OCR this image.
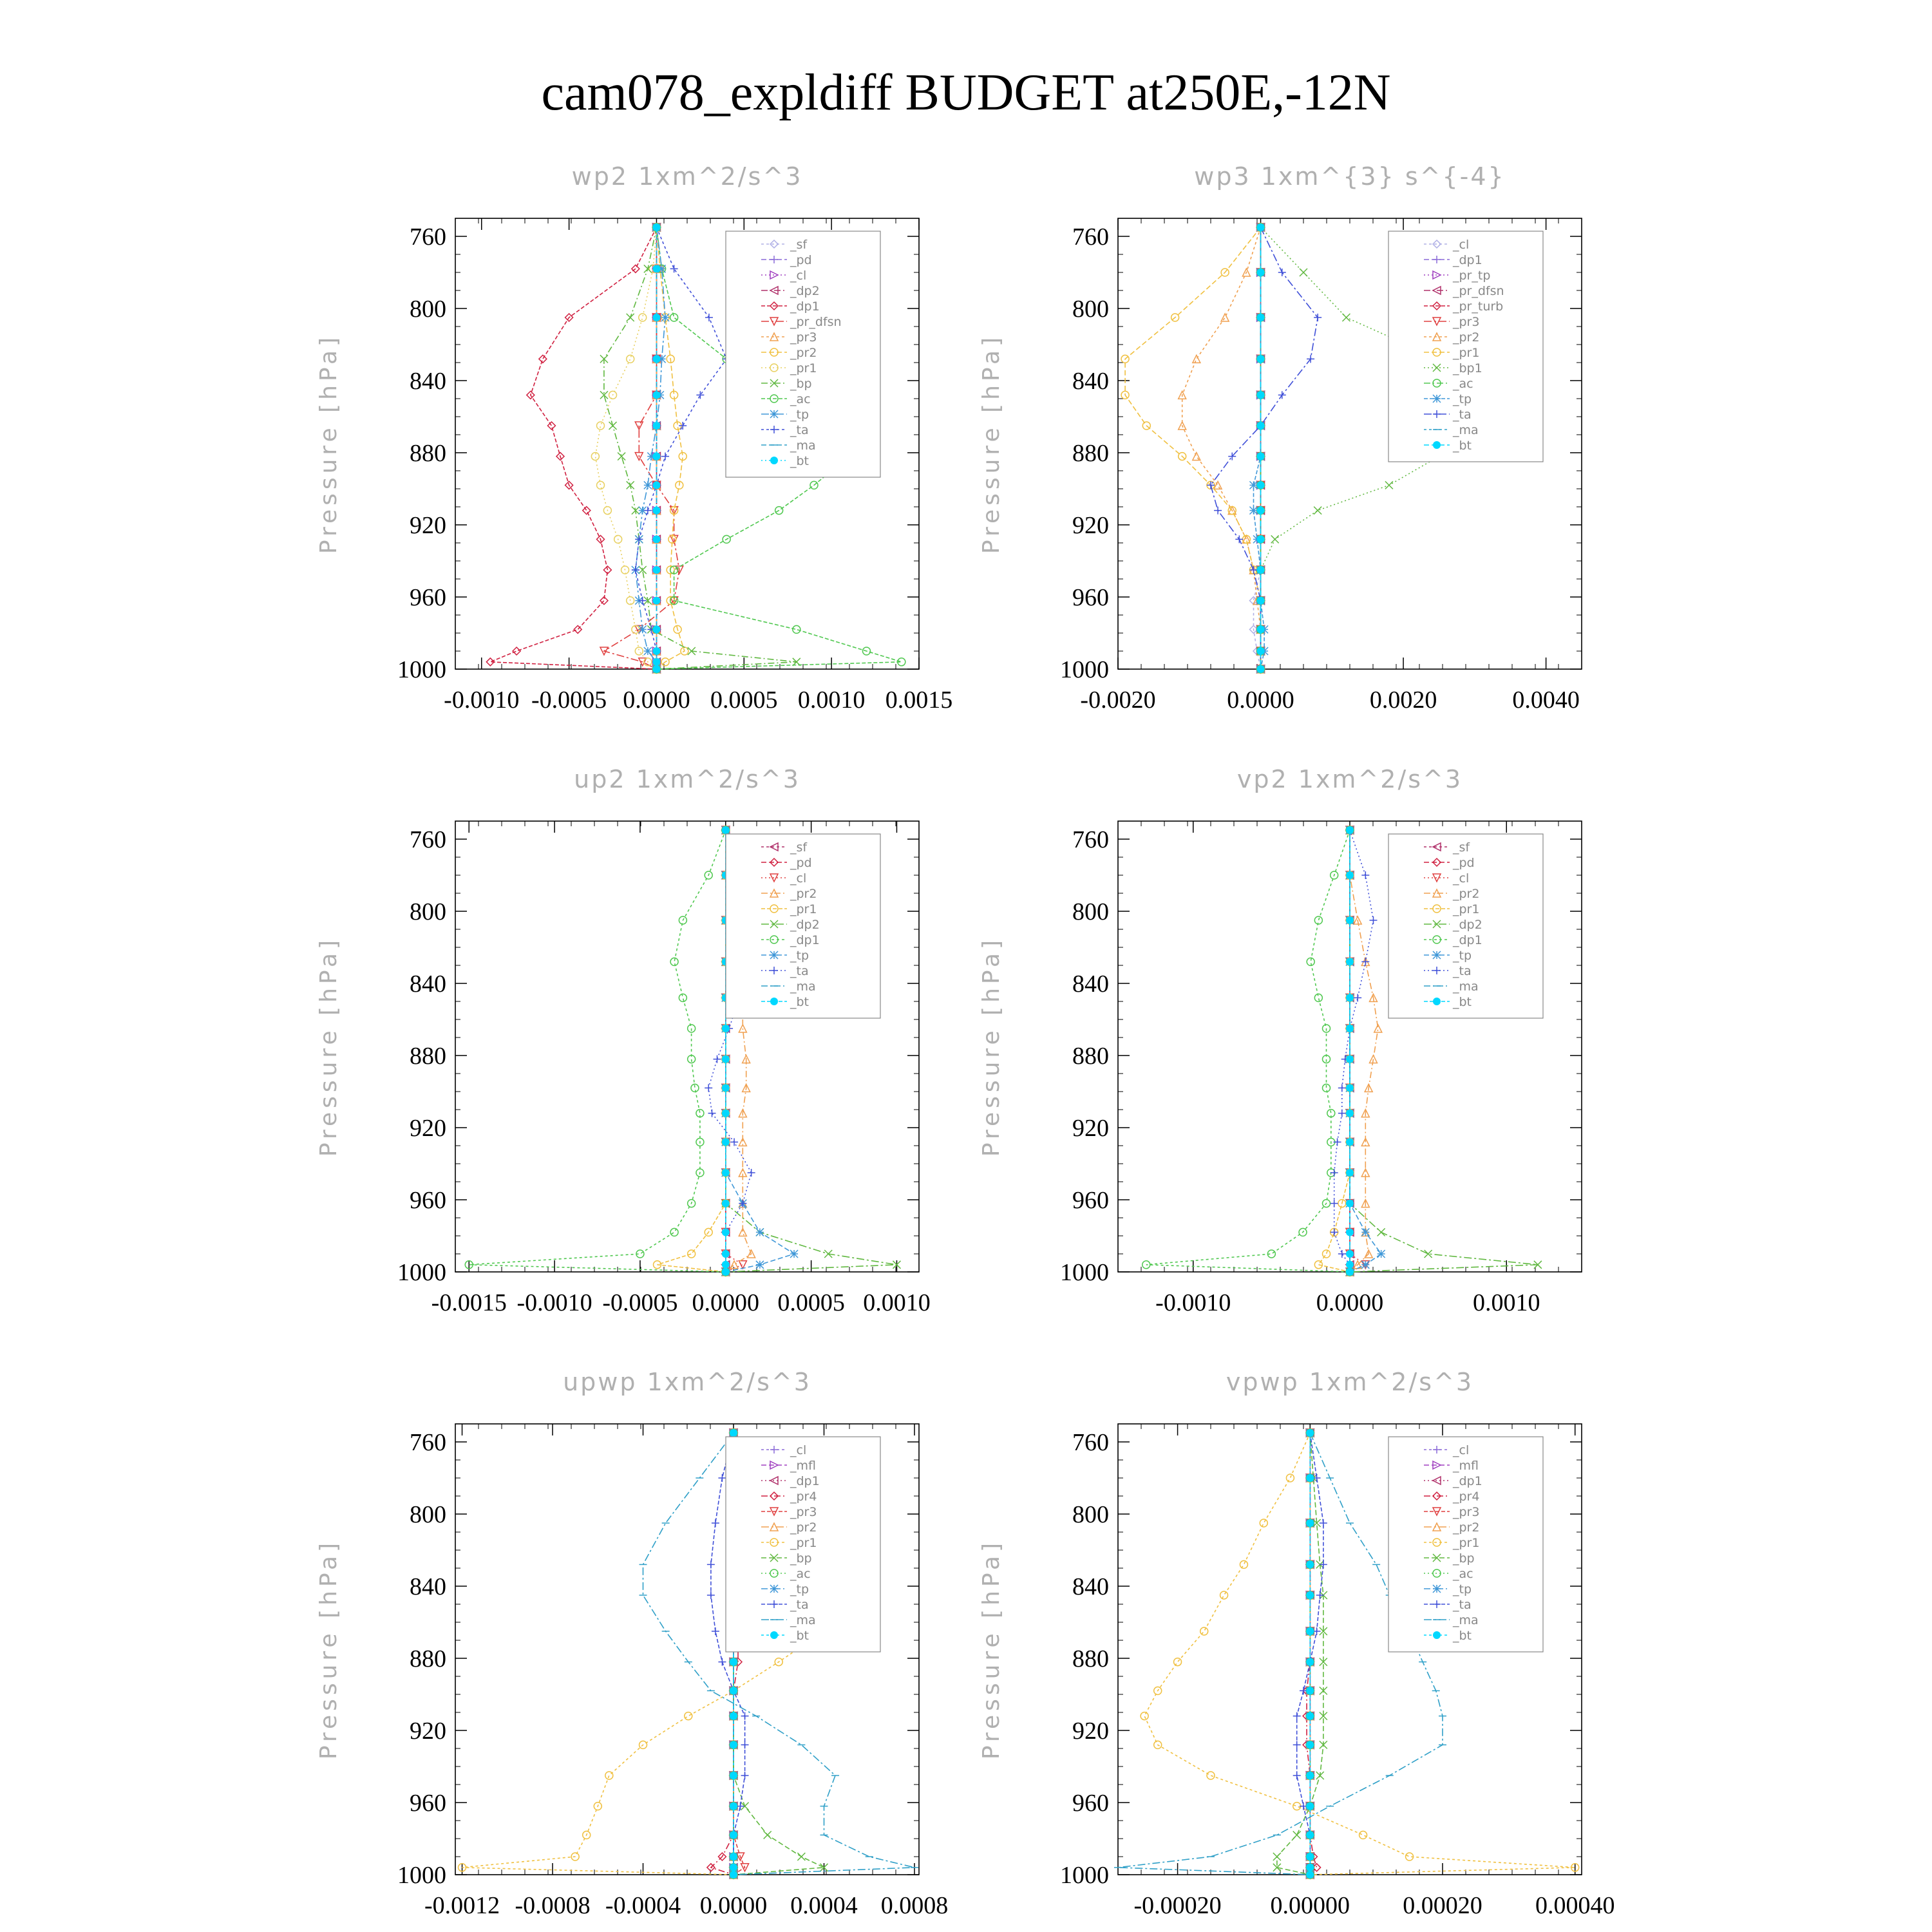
cam078_expldiff BUDGET at250E,-12N
wp2 1xm^2/s^3
Pressure [hPa]
760
800
840
880
920
960
1000
-0.0010 -0.0005 0.0000 0.0005 0.0010 0.0015
_sf
_pd
_cl
_dp2
_dp1
_pr_dfsn
_pr3
_pr2
_pr1
_bp
_ac
_tp
_ta
_ma
_bt
wp3 1xm^{3} s^{-4}
Pressure [hPa]
760
800
840
880
920
960
1000
-0.0020	0.0000	0.0020	0.0040
_cl
_dp1
_pr_tp
_pr_dfsn
_pr_turb
_pr3
_pr2
_pr1
_bp1
_ac
_tp
_ta
_ma
_bt
up2 1xm^2/s^3
Pressure [hPa]
760
800
840
880
920
960
1000
-0.0015 -0.0010 -0.0005 0.0000 0.0005 0.0010
_sf
_pd
_cl
_pr2
_pr1
_dp2
_dp1
_tp
_ta
_ma
_bt
vp2 1xm^2/s^3
Pressure [hPa]
760
800
840
880
920
960
1000
-0.0010	0.0000	0.0010
_sf
_pd
_cl
_pr2
_pr1
_dp2
_dp1
_tp
_ta
_ma
_bt
upwp 1xm^2/s^3
Pressure [hPa]
760
800
840
880
920
960
1000
-0.0012 -0.0008 -0.0004 0.0000 0.0004 0.0008
_cl
_mfl
_dp1
_pr4
_pr3
_pr2
_pr1
_bp
_ac
_tp
_ta
_ma
_bt
vpwp 1xm^2/s^3
Pressure [hPa]
760
800
840
880
920
960
1000
-0.00020 0.00000 0.00020 0.00040
_cl
_mfl
_dp1
_pr4
_pr3
_pr2
_pr1
_bp
_ac
_tp
_ta
_ma
_bt
